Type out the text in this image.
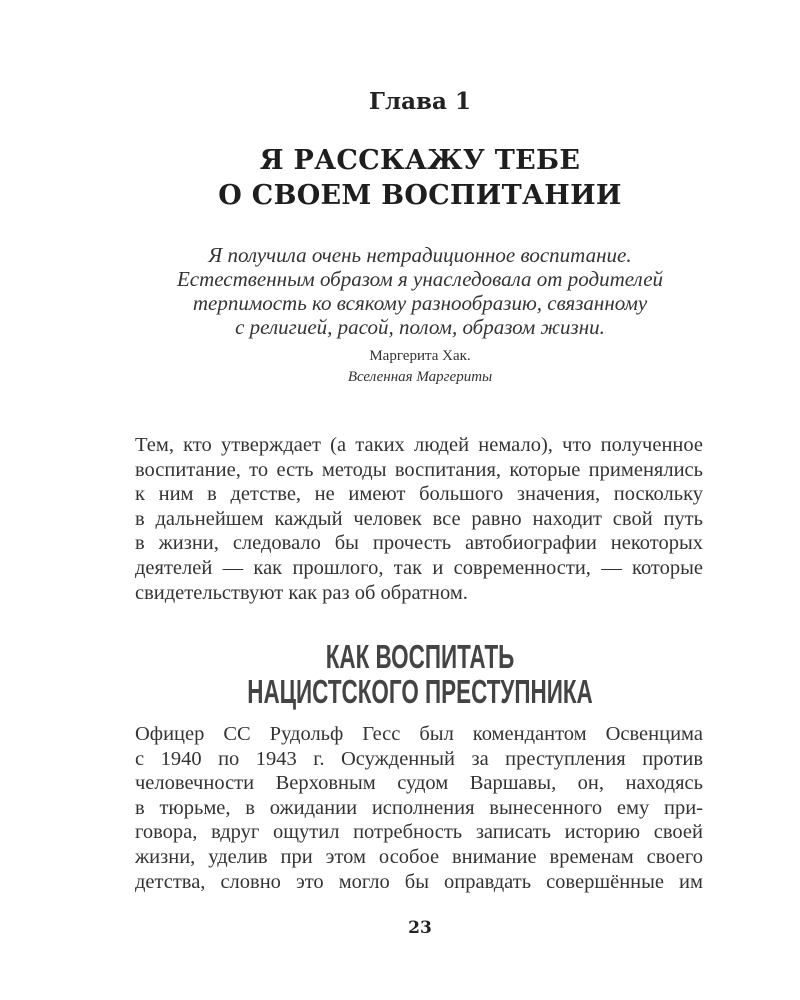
Глава 1
Я РАССКАЖУ ТЕБЕ
О СВОЕМ ВОСПИТАНИИ
Я получила очень нетрадиционное воспитание.
Естественным образом я унаследовала от родителей
терпимость ко всякому разнообразию, связанному
с религией, расой, полом, образом жизни.
Маргерита Хак.
Вселенная Маргериты
Тем, кто утверждает (а таких людей немало), что полученное
воспитание, то есть методы воспитания, которые применялись
к ним в детстве, не имеют большого значения, поскольку
в дальнейшем каждый человек все равно находит свой путь
в жизни, следовало бы прочесть автобиографии некоторых
деятелей — как прошлого, так и современности, — которые
свидетельствуют как раз об обратном.
КАК ВОСПИТАТЬ
НАЦИСТСКОГО ПРЕСТУПНИКА
Офицер СС Рудольф Гесс был комендантом Освенцима
с 1940 по 1943 г. Осужденный за преступления против
человечности Верховным судом Варшавы, он, находясь
в тюрьме, в ожидании исполнения вынесенного ему при-
говора, вдруг ощутил потребность записать историю своей
жизни, уделив при этом особое внимание временам своего
детства, словно это могло бы оправдать совершённые им
23
